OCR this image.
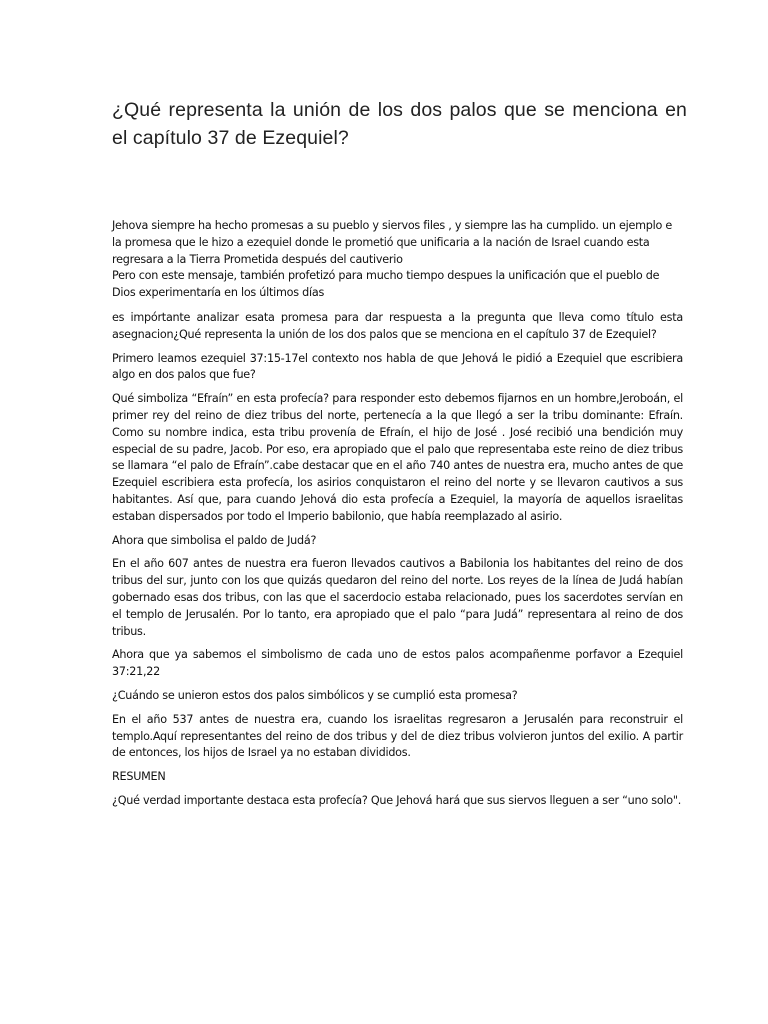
¿Qué representa la unión de los dos palos que se menciona en el capítulo 37 de Ezequiel?

Jehova siempre ha hecho promesas a su pueblo y siervos files , y siempre las ha cumplido. un ejemplo e la promesa que le hizo a ezequiel donde le prometió que unificaria a la nación de Israel cuando esta regresara a la Tierra Prometida después del cautiverio
Pero con este mensaje, también profetizó para mucho tiempo despues la unificación que el pueblo de Dios experimentaría en los últimos días

es impórtante analizar esata promesa para dar respuesta a la pregunta que lleva como título esta asegnacion¿Qué representa la unión de los dos palos que se menciona en el capítulo 37 de Ezequiel?

Primero leamos ezequiel 37:15-17el contexto nos habla de que Jehová le pidió a Ezequiel que escribiera algo en dos palos que fue?

Qué simboliza “Efraín” en esta profecía? para responder esto debemos fijarnos en un hombre,Jeroboán, el primer rey del reino de diez tribus del norte, pertenecía a la que llegó a ser la tribu dominante: Efraín. Como su nombre indica, esta tribu provenía de Efraín, el hijo de José . José recibió una bendición muy especial de su padre, Jacob. Por eso, era apropiado que el palo que representaba este reino de diez tribus se llamara “el palo de Efraín”.cabe destacar que en el año 740 antes de nuestra era, mucho antes de que Ezequiel escribiera esta profecía, los asirios conquistaron el reino del norte y se llevaron cautivos a sus habitantes. Así que, para cuando Jehová dio esta profecía a Ezequiel, la mayoría de aquellos israelitas estaban dispersados por todo el Imperio babilonio, que había reemplazado al asirio.

Ahora que simbolisa el paldo de Judá?

En el año 607 antes de nuestra era fueron llevados cautivos a Babilonia los habitantes del reino de dos tribus del sur, junto con los que quizás quedaron del reino del norte. Los reyes de la línea de Judá habían gobernado esas dos tribus, con las que el sacerdocio estaba relacionado, pues los sacerdotes servían en el templo de Jerusalén. Por lo tanto, era apropiado que el palo “para Judá” representara al reino de dos tribus.

Ahora que ya sabemos el simbolismo de cada uno de estos palos acompañenme porfavor a Ezequiel 37:21,22

¿Cuándo se unieron estos dos palos simbólicos y se cumplió esta promesa?

En el año 537 antes de nuestra era, cuando los israelitas regresaron a Jerusalén para reconstruir el templo.Aquí representantes del reino de dos tribus y del de diez tribus volvieron juntos del exilio. A partir de entonces, los hijos de Israel ya no estaban divididos.

RESUMEN

¿Qué verdad importante destaca esta profecía? Que Jehová hará que sus siervos lleguen a ser “uno solo".
